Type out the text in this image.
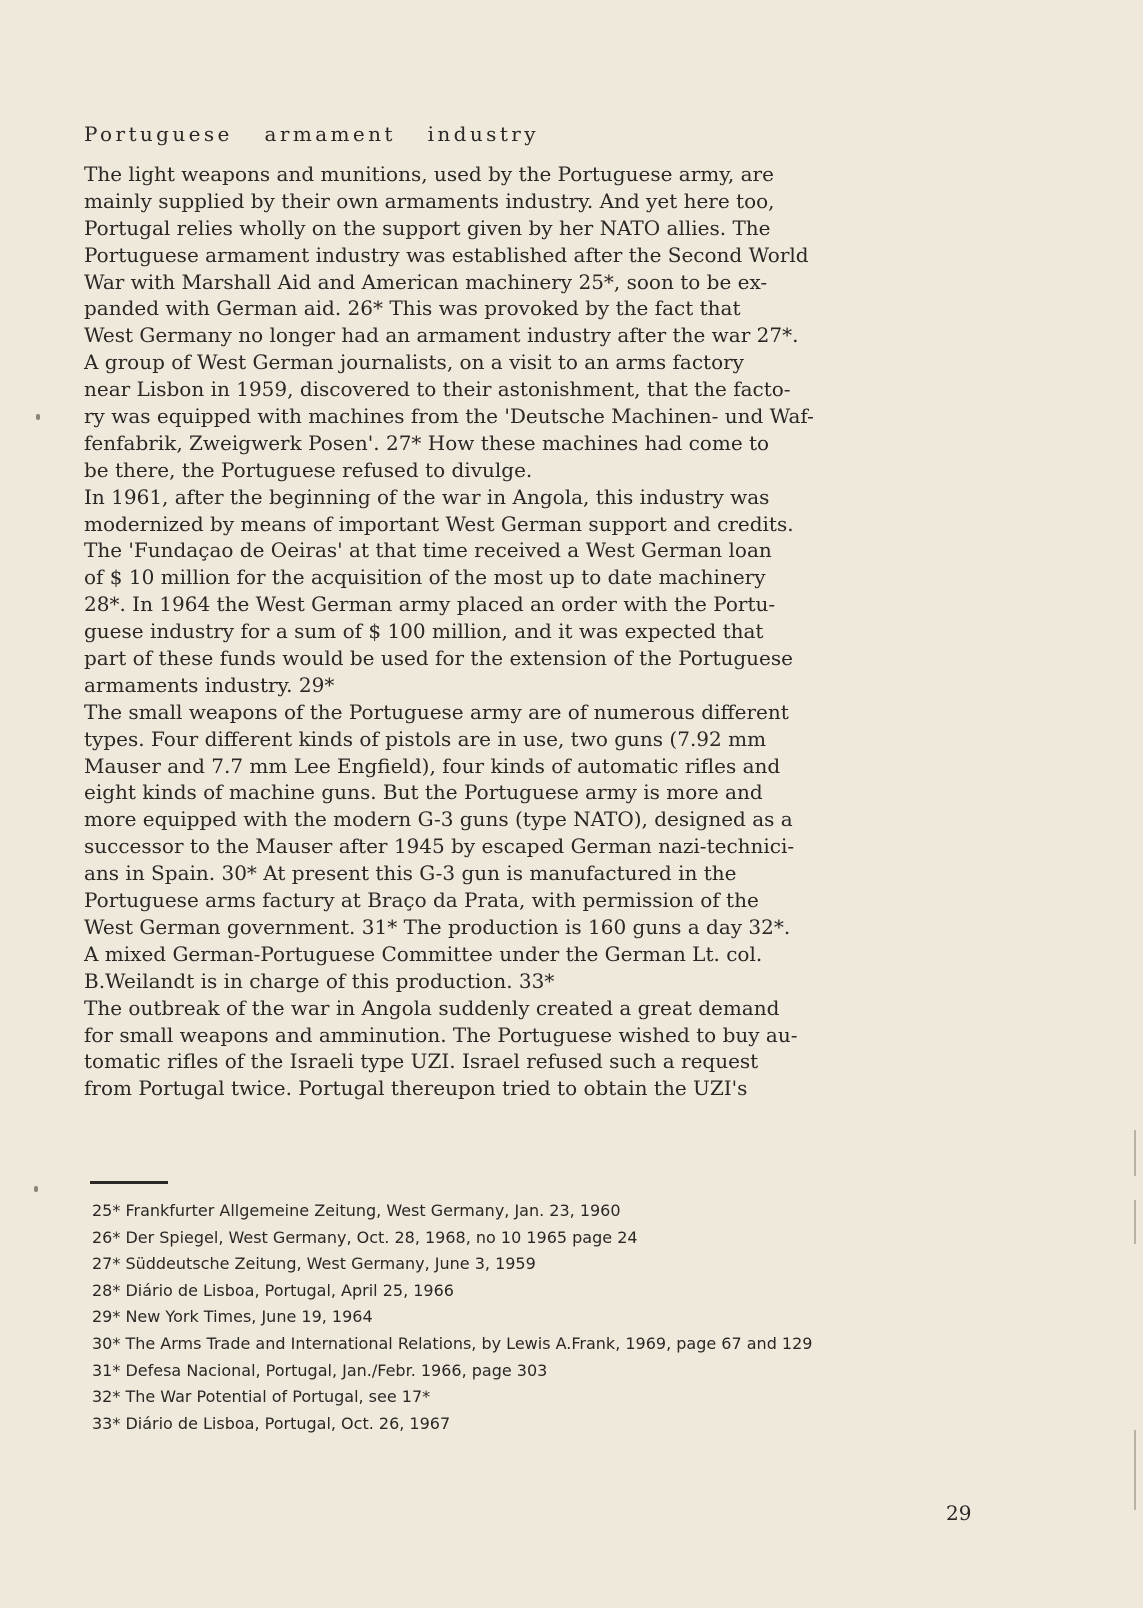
Portuguese armament industry
The light weapons and munitions, used by the Portuguese army, are
mainly supplied by their own armaments industry. And yet here too,
Portugal relies wholly on the support given by her NATO allies. The
Portuguese armament industry was established after the Second World
War with Marshall Aid and American machinery 25*, soon to be ex-
panded with German aid. 26* This was provoked by the fact that
West Germany no longer had an armament industry after the war 27*.
A group of West German journalists, on a visit to an arms factory
near Lisbon in 1959, discovered to their astonishment, that the facto-
ry was equipped with machines from the 'Deutsche Machinen- und Waf-
fenfabrik, Zweigwerk Posen'. 27* How these machines had come to
be there, the Portuguese refused to divulge.
In 1961, after the beginning of the war in Angola, this industry was
modernized by means of important West German support and credits.
The 'Fundaçao de Oeiras' at that time received a West German loan
of $ 10 million for the acquisition of the most up to date machinery
28*. In 1964 the West German army placed an order with the Portu-
guese industry for a sum of $ 100 million, and it was expected that
part of these funds would be used for the extension of the Portuguese
armaments industry. 29*
The small weapons of the Portuguese army are of numerous different
types. Four different kinds of pistols are in use, two guns (7.92 mm
Mauser and 7.7 mm Lee Engfield), four kinds of automatic rifles and
eight kinds of machine guns. But the Portuguese army is more and
more equipped with the modern G-3 guns (type NATO), designed as a
successor to the Mauser after 1945 by escaped German nazi-technici-
ans in Spain. 30* At present this G-3 gun is manufactured in the
Portuguese arms factury at Braço da Prata, with permission of the
West German government. 31* The production is 160 guns a day 32*.
A mixed German-Portuguese Committee under the German Lt. col.
B.Weilandt is in charge of this production. 33*
The outbreak of the war in Angola suddenly created a great demand
for small weapons and amminution. The Portuguese wished to buy au-
tomatic rifles of the Israeli type UZI. Israel refused such a request
from Portugal twice. Portugal thereupon tried to obtain the UZI's
25* Frankfurter Allgemeine Zeitung, West Germany, Jan. 23, 1960
26* Der Spiegel, West Germany, Oct. 28, 1968, no 10 1965 page 24
27* Süddeutsche Zeitung, West Germany, June 3, 1959
28* Diário de Lisboa, Portugal, April 25, 1966
29* New York Times, June 19, 1964
30* The Arms Trade and International Relations, by Lewis A.Frank, 1969, page 67 and 129
31* Defesa Nacional, Portugal, Jan./Febr. 1966, page 303
32* The War Potential of Portugal, see 17*
33* Diário de Lisboa, Portugal, Oct. 26, 1967
29
